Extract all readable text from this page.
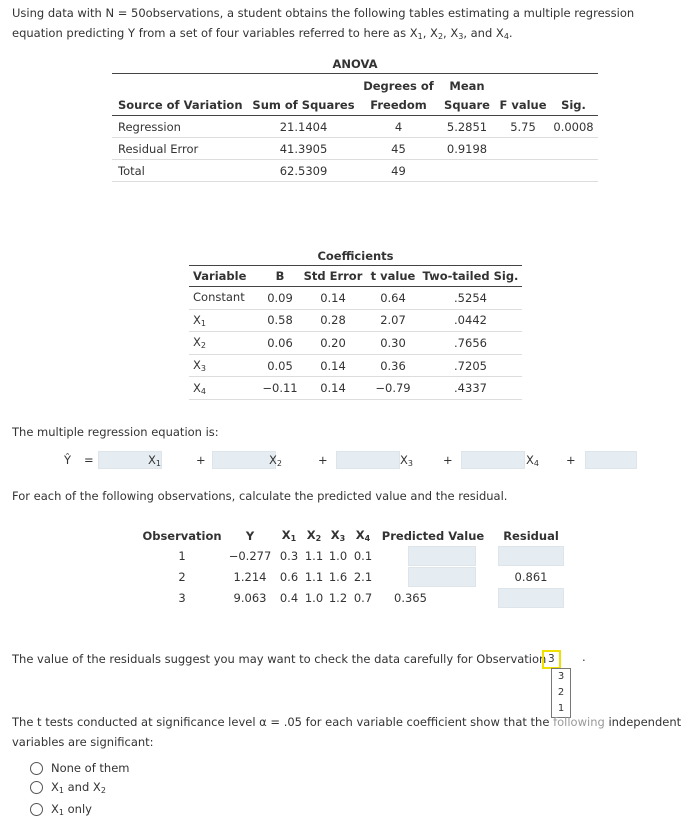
Using data with N = 50observations, a student obtains the following tables estimating a multiple regression equation predicting Y from a set of four variables referred to here as $X_1$, $X_2$, $X_3$, and $X_4$.

ANOVA
Source of Variation	Sum of Squares	Degrees of	Mean	F value	Sig.
		Freedom	Square		

Regression	21.1404	4	5.2851	5.75	0.0008
Residual Error	41.3905	45	0.9198		
Total	62.5309	49			
Coefficients
Variable	B	Std Error	t value	Two-tailed Sig.
Constant	0.09	0.14	0.64	.5254
$X_1$	0.58	0.28	2.07	.0442
$X_2$	0.06	0.20	0.30	.7656
$X_3$	0.05	0.14	0.36	.7205
$X_4$	−0.11	0.14	−0.79	.4337

The multiple regression equation is:

Ŷ =	$X_1$	+	$X_2$	+	$X_3$	+	$X_4$ +

For each of the following observations, calculate the predicted value and the residual.

Observation	Y	$X_1$	$X_2$	$X_3$	$X_4$	Predicted Value	Residual
1	−0.277	0.3	1.1	1.0	0.1		
2	1.214	0.6	1.1	1.6	2.1		0.861
3	9.063	0.4	1.0	1.2	0.7	0.365	

The value of the residuals suggest you may want to check the data carefully for Observation 3	.
3
2
1

The t tests conducted at significance level α = .05 for each variable coefficient show that the following independent
variables are significant:

None of them
$X_1$ and $X_2$
$X_1$ only
